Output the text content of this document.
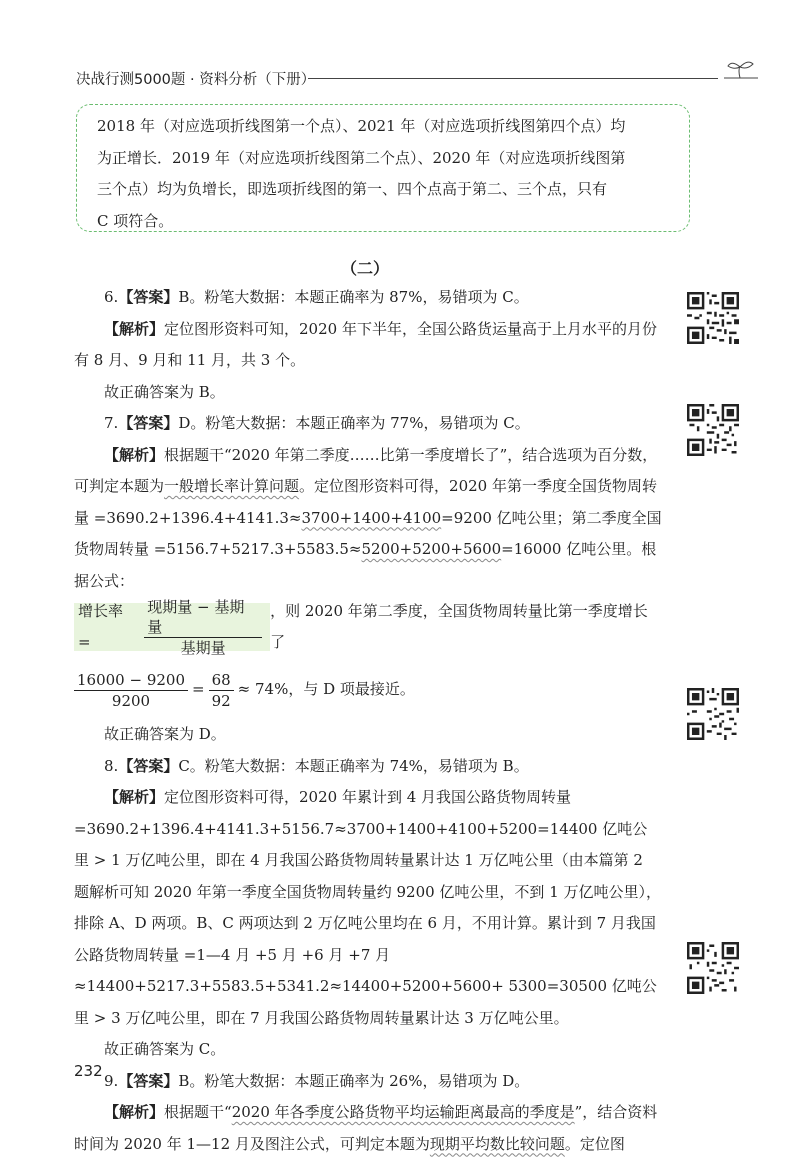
决战行测5000题 · 资料分析（下册）
2018 年（对应选项折线图第一个点）、2021 年（对应选项折线图第四个点）均
为正增长．2019 年（对应选项折线图第二个点）、2020 年（对应选项折线图第
三个点）均为负增长，即选项折线图的第一、四个点高于第二、三个点，只有
C 项符合。
（二）

6.【答案】B。粉笔大数据：本题正确率为 87%，易错项为 C。

【解析】定位图形资料可知，2020 年下半年，全国公路货运量高于上月水平的月份有 8 月、9 月和 11 月，共 3 个。

故正确答案为 B。

7.【答案】D。粉笔大数据：本题正确率为 77%，易错项为 C。

【解析】根据题干“2020 年第二季度……比第一季度增长了”，结合选项为百分数，可判定本题为一般增长率计算问题。定位图形资料可得，2020 年第一季度全国货物周转量 =3690.2+1396.4+4141.3≈3700+1400+4100=9200 亿吨公里；第二季度全国货物周转量 =5156.7+5217.3+5583.5≈5200+5200+5600=16000 亿吨公里。根据公式：

增长率 =	$\frac{\text{现期量 − 基期量}}{\text{基期量}}$ ，则 2020 年第二季度，全国货物周转量比第一季度增长了
$\frac{16000 - 9200}{9200} = \frac{68}{92} \approx 74\%$，与 D 项最接近。

故正确答案为 D。

8.【答案】C。粉笔大数据：本题正确率为 74%，易错项为 B。

【解析】定位图形资料可得，2020 年累计到 4 月我国公路货物周转量 =3690.2+1396.4+4141.3+5156.7≈3700+1400+4100+5200=14400 亿吨公里 > 1 万亿吨公里，即在 4 月我国公路货物周转量累计达 1 万亿吨公里（由本篇第 2 题解析可知 2020 年第一季度全国货物周转量约 9200 亿吨公里，不到 1 万亿吨公里），排除 A、D 两项。B、C 两项达到 2 万亿吨公里均在 6 月，不用计算。累计到 7 月我国公路货物周转量 =1—4 月 +5 月 +6 月 +7 月 ≈14400+5217.3+5583.5+5341.2≈14400+5200+5600+ 5300=30500 亿吨公里 > 3 万亿吨公里，即在 7 月我国公路货物周转量累计达 3 万亿吨公里。

故正确答案为 C。

9.【答案】B。粉笔大数据：本题正确率为 26%，易错项为 D。

【解析】根据题干“2020 年各季度公路货物平均运输距离最高的季度是”，结合资料时间为 2020 年 1—12 月及图注公式，可判定本题为现期平均数比较问题。定位图

232
